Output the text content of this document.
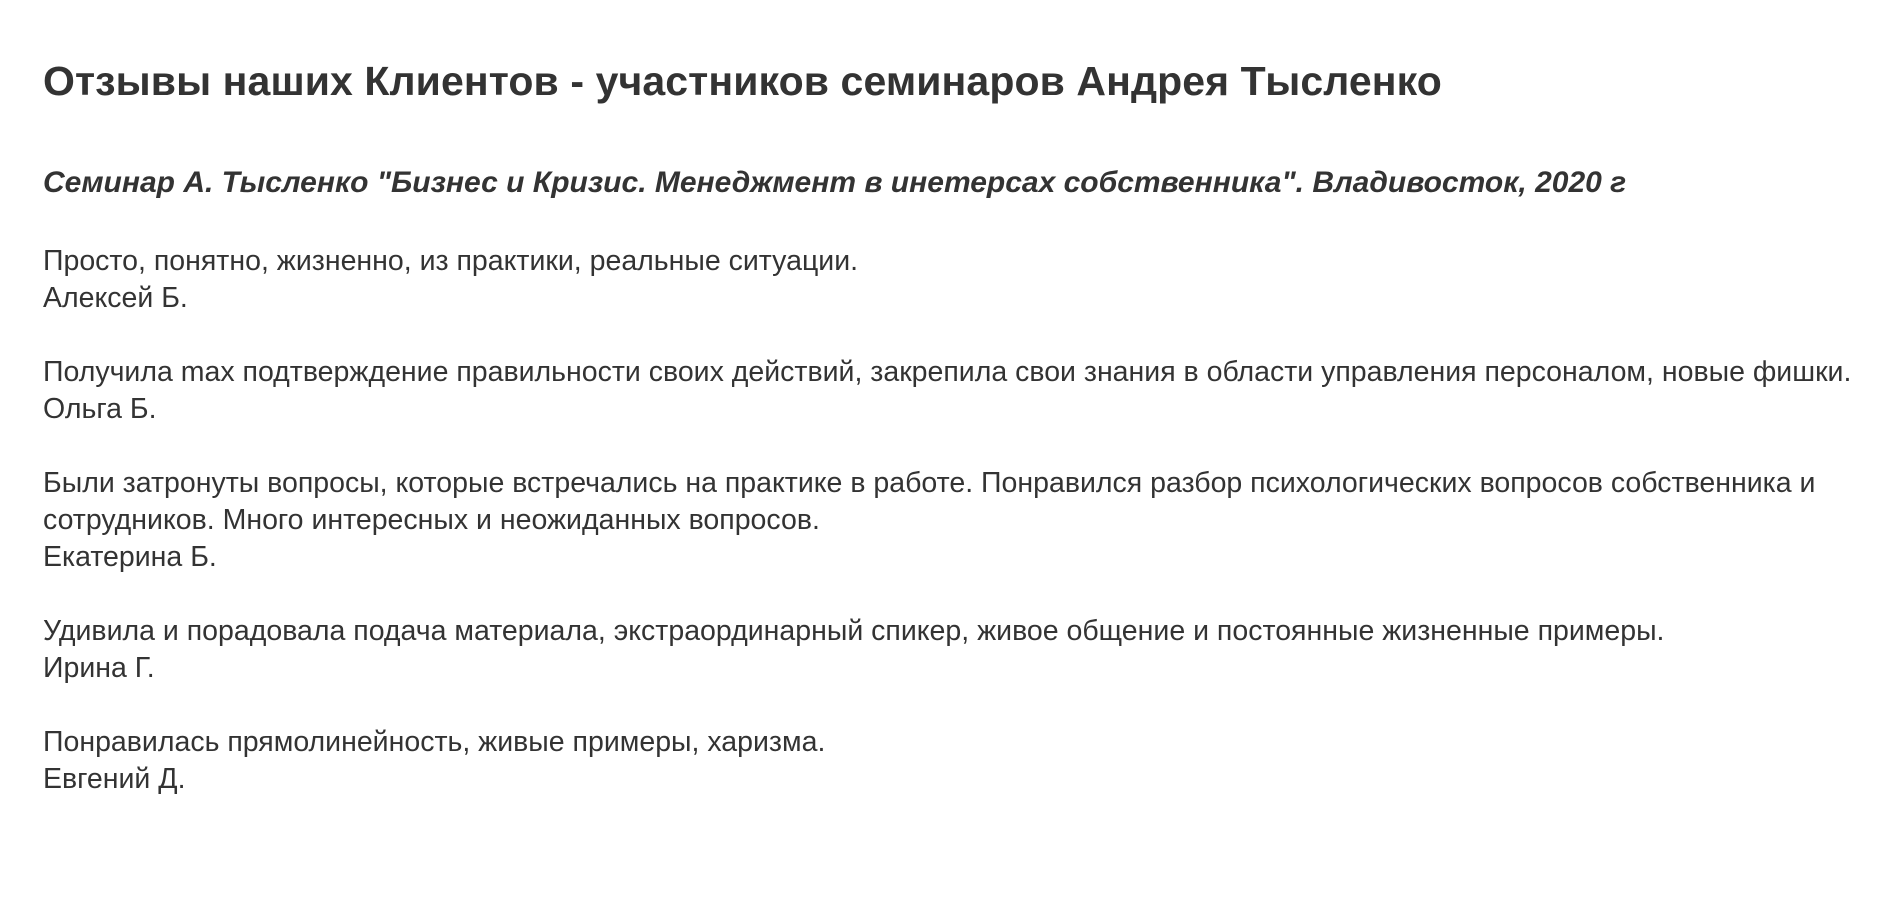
Отзывы наших Клиентов - участников семинаров Андрея Тысленко
Семинар А. Тысленко "Бизнес и Кризис. Менеджмент в инетерсах собственника". Владивосток, 2020 г
Просто, понятно, жизненно, из практики, реальные ситуации.
Алексей Б.
Получила max подтверждение правильности своих действий, закрепила свои знания в области управления персоналом, новые фишки.
Ольга Б.
Были затронуты вопросы, которые встречались на практике в работе. Понравился разбор психологических вопросов собственника и сотрудников. Много интересных и неожиданных вопросов.
Екатерина Б.
Удивила и порадовала подача материала, экстраординарный спикер, живое общение и постоянные жизненные примеры.
Ирина Г.
Понравилась прямолинейность, живые примеры, харизма.
Евгений Д.
